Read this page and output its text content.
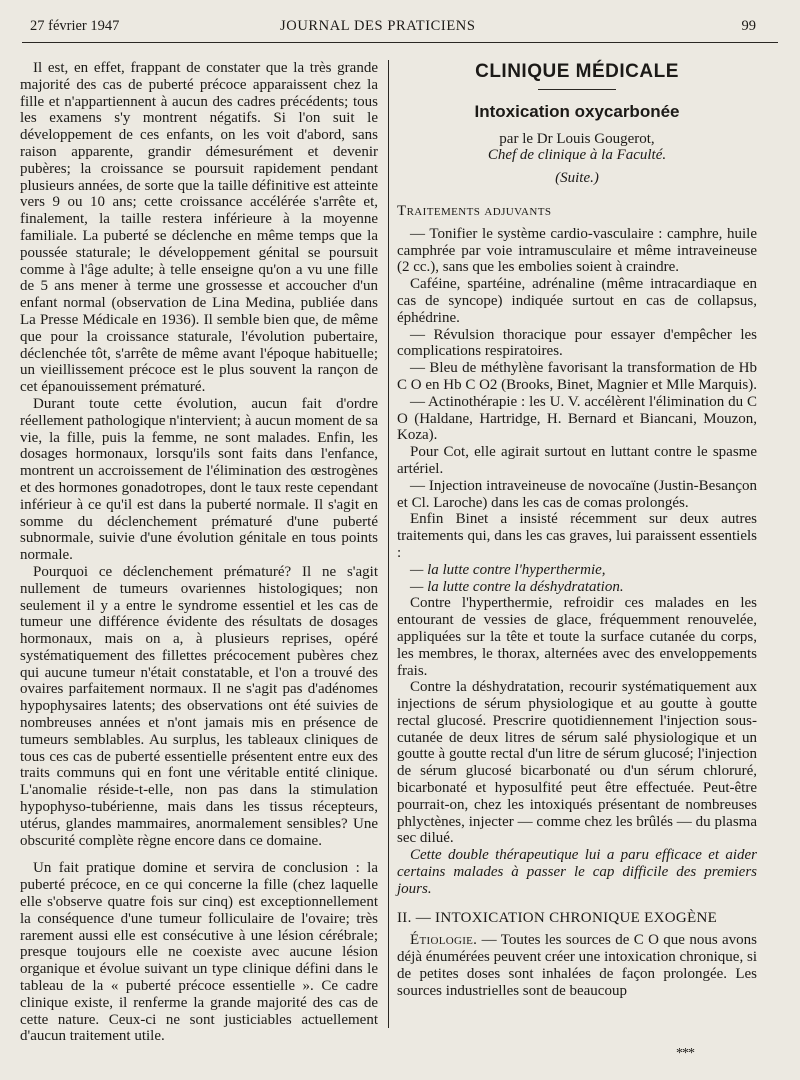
27 février 1947	JOURNAL DES PRATICIENS	99

Il est, en effet, frappant de constater que la très grande majorité des cas de puberté précoce apparaissent chez la fille et n'appartiennent à aucun des cadres précédents; tous les examens s'y montrent négatifs. Si l'on suit le développement de ces enfants, on les voit d'abord, sans raison apparente, grandir démesurément et devenir pubères; la croissance se poursuit rapidement pendant plusieurs années, de sorte que la taille définitive est atteinte vers 9 ou 10 ans; cette croissance accélérée s'arrête et, finalement, la taille restera inférieure à la moyenne familiale. La puberté se déclenche en même temps que la poussée staturale; le développement génital se poursuit comme à l'âge adulte; à telle enseigne qu'on a vu une fille de 5 ans mener à terme une grossesse et accoucher d'un enfant normal (observation de Lina Medina, publiée dans La Presse Médicale en 1936). Il semble bien que, de même que pour la croissance staturale, l'évolution pubertaire, déclenchée tôt, s'arrête de même avant l'époque habituelle; un vieillissement précoce est le plus souvent la rançon de cet épanouissement prématuré.

Durant toute cette évolution, aucun fait d'ordre réellement pathologique n'intervient; à aucun moment de sa vie, la fille, puis la femme, ne sont malades. Enfin, les dosages hormonaux, lorsqu'ils sont faits dans l'enfance, montrent un accroissement de l'élimination des œstrogènes et des hormones gonadotropes, dont le taux reste cependant inférieur à ce qu'il est dans la puberté normale. Il s'agit en somme du déclenchement prématuré d'une puberté subnormale, suivie d'une évolution génitale en tous points normale.

Pourquoi ce déclenchement prématuré? Il ne s'agit nullement de tumeurs ovariennes histologiques; non seulement il y a entre le syndrome essentiel et les cas de tumeur une différence évidente des résultats de dosages hormonaux, mais on a, à plusieurs reprises, opéré systématiquement des fillettes précocement pubères chez qui aucune tumeur n'était constatable, et l'on a trouvé des ovaires parfaitement normaux. Il ne s'agit pas d'adénomes hypophysaires latents; des observations ont été suivies de nombreuses années et n'ont jamais mis en présence de tumeurs semblables. Au surplus, les tableaux cliniques de tous ces cas de puberté essentielle présentent entre eux des traits communs qui en font une véritable entité clinique. L'anomalie réside-t-elle, non pas dans la stimulation hypophyso-tubérienne, mais dans les tissus récepteurs, utérus, glandes mammaires, anormalement sensibles? Une obscurité complète règne encore dans ce domaine.

Un fait pratique domine et servira de conclusion : la puberté précoce, en ce qui concerne la fille (chez laquelle elle s'observe quatre fois sur cinq) est exceptionnellement la conséquence d'une tumeur folliculaire de l'ovaire; très rarement aussi elle est consécutive à une lésion cérébrale; presque toujours elle ne coexiste avec aucune lésion organique et évolue suivant un type clinique défini dans le tableau de la « puberté précoce essentielle ». Ce cadre clinique existe, il renferme la grande majorité des cas de cette nature. Ceux-ci ne sont justiciables actuellement d'aucun traitement utile.

CLINIQUE MÉDICALE
Intoxication oxycarbonée

par le Dr Louis Gougerot,

Chef de clinique à la Faculté.

(Suite.)

Traitements adjuvants

— Tonifier le système cardio-vasculaire : camphre, huile camphrée par voie intramusculaire et même intraveineuse (2 cc.), sans que les embolies soient à craindre.

Caféine, spartéine, adrénaline (même intracardiaque en cas de syncope) indiquée surtout en cas de collapsus, éphédrine.

— Révulsion thoracique pour essayer d'empêcher les complications respiratoires.

— Bleu de méthylène favorisant la transformation de Hb C O en Hb C O2 (Brooks, Binet, Magnier et Mlle Marquis).

— Actinothérapie : les U. V. accélèrent l'élimination du C O (Haldane, Hartridge, H. Bernard et Biancani, Mouzon, Koza).

Pour Cot, elle agirait surtout en luttant contre le spasme artériel.

— Injection intraveineuse de novocaïne (Justin-Besançon et Cl. Laroche) dans les cas de comas prolongés.

Enfin Binet a insisté récemment sur deux autres traitements qui, dans les cas graves, lui paraissent essentiels :

— la lutte contre l'hyperthermie,

— la lutte contre la déshydratation.

Contre l'hyperthermie, refroidir ces malades en les entourant de vessies de glace, fréquemment renouvelée, appliquées sur la tête et toute la surface cutanée du corps, les membres, le thorax, alternées avec des enveloppements frais.

Contre la déshydratation, recourir systématiquement aux injections de sérum physiologique et au goutte à goutte rectal glucosé. Prescrire quotidiennement l'injection sous-cutanée de deux litres de sérum salé physiologique et un goutte à goutte rectal d'un litre de sérum glucosé; l'injection de sérum glucosé bicarbonaté ou d'un sérum chloruré, bicarbonaté et hyposulfité peut être effectuée. Peut-être pourrait-on, chez les intoxiqués présentant de nombreuses phlyctènes, injecter — comme chez les brûlés — du plasma sec dilué.

Cette double thérapeutique lui a paru efficace et aider certains malades à passer le cap difficile des premiers jours.

II. — INTOXICATION CHRONIQUE EXOGÈNE

Étiologie. — Toutes les sources de C O que nous avons déjà énumérées peuvent créer une intoxication chronique, si de petites doses sont inhalées de façon prolongée. Les sources industrielles sont de beaucoup

***
